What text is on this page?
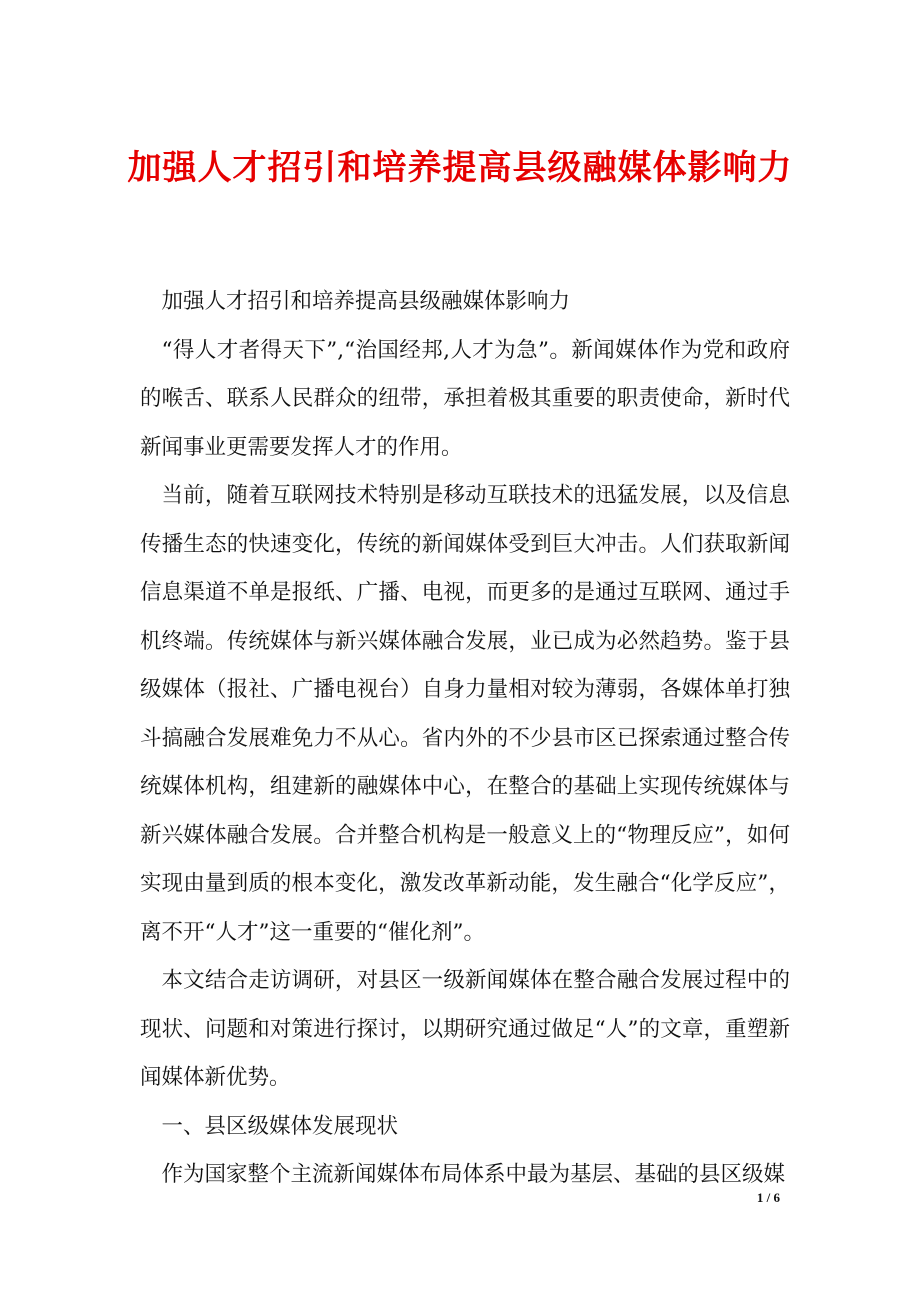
加强人才招引和培养提高县级融媒体影响力

加强人才招引和培养提高县级融媒体影响力

“得人才者得天下”,“治国经邦,人才为急”。新闻媒体作为党和政府的喉舌、联系人民群众的纽带，承担着极其重要的职责使命，新时代新闻事业更需要发挥人才的作用。

当前，随着互联网技术特别是移动互联技术的迅猛发展，以及信息传播生态的快速变化，传统的新闻媒体受到巨大冲击。人们获取新闻信息渠道不单是报纸、广播、电视，而更多的是通过互联网、通过手机终端。传统媒体与新兴媒体融合发展，业已成为必然趋势。鉴于县级媒体（报社、广播电视台）自身力量相对较为薄弱，各媒体单打独斗搞融合发展难免力不从心。省内外的不少县市区已探索通过整合传统媒体机构，组建新的融媒体中心，在整合的基础上实现传统媒体与新兴媒体融合发展。合并整合机构是一般意义上的“物理反应”，如何实现由量到质的根本变化，激发改革新动能，发生融合“化学反应”，离不开“人才”这一重要的“催化剂”。

本文结合走访调研，对县区一级新闻媒体在整合融合发展过程中的现状、问题和对策进行探讨，以期研究通过做足“人”的文章，重塑新闻媒体新优势。

一、县区级媒体发展现状

作为国家整个主流新闻媒体布局体系中最为基层、基础的县区级媒

1 / 6
